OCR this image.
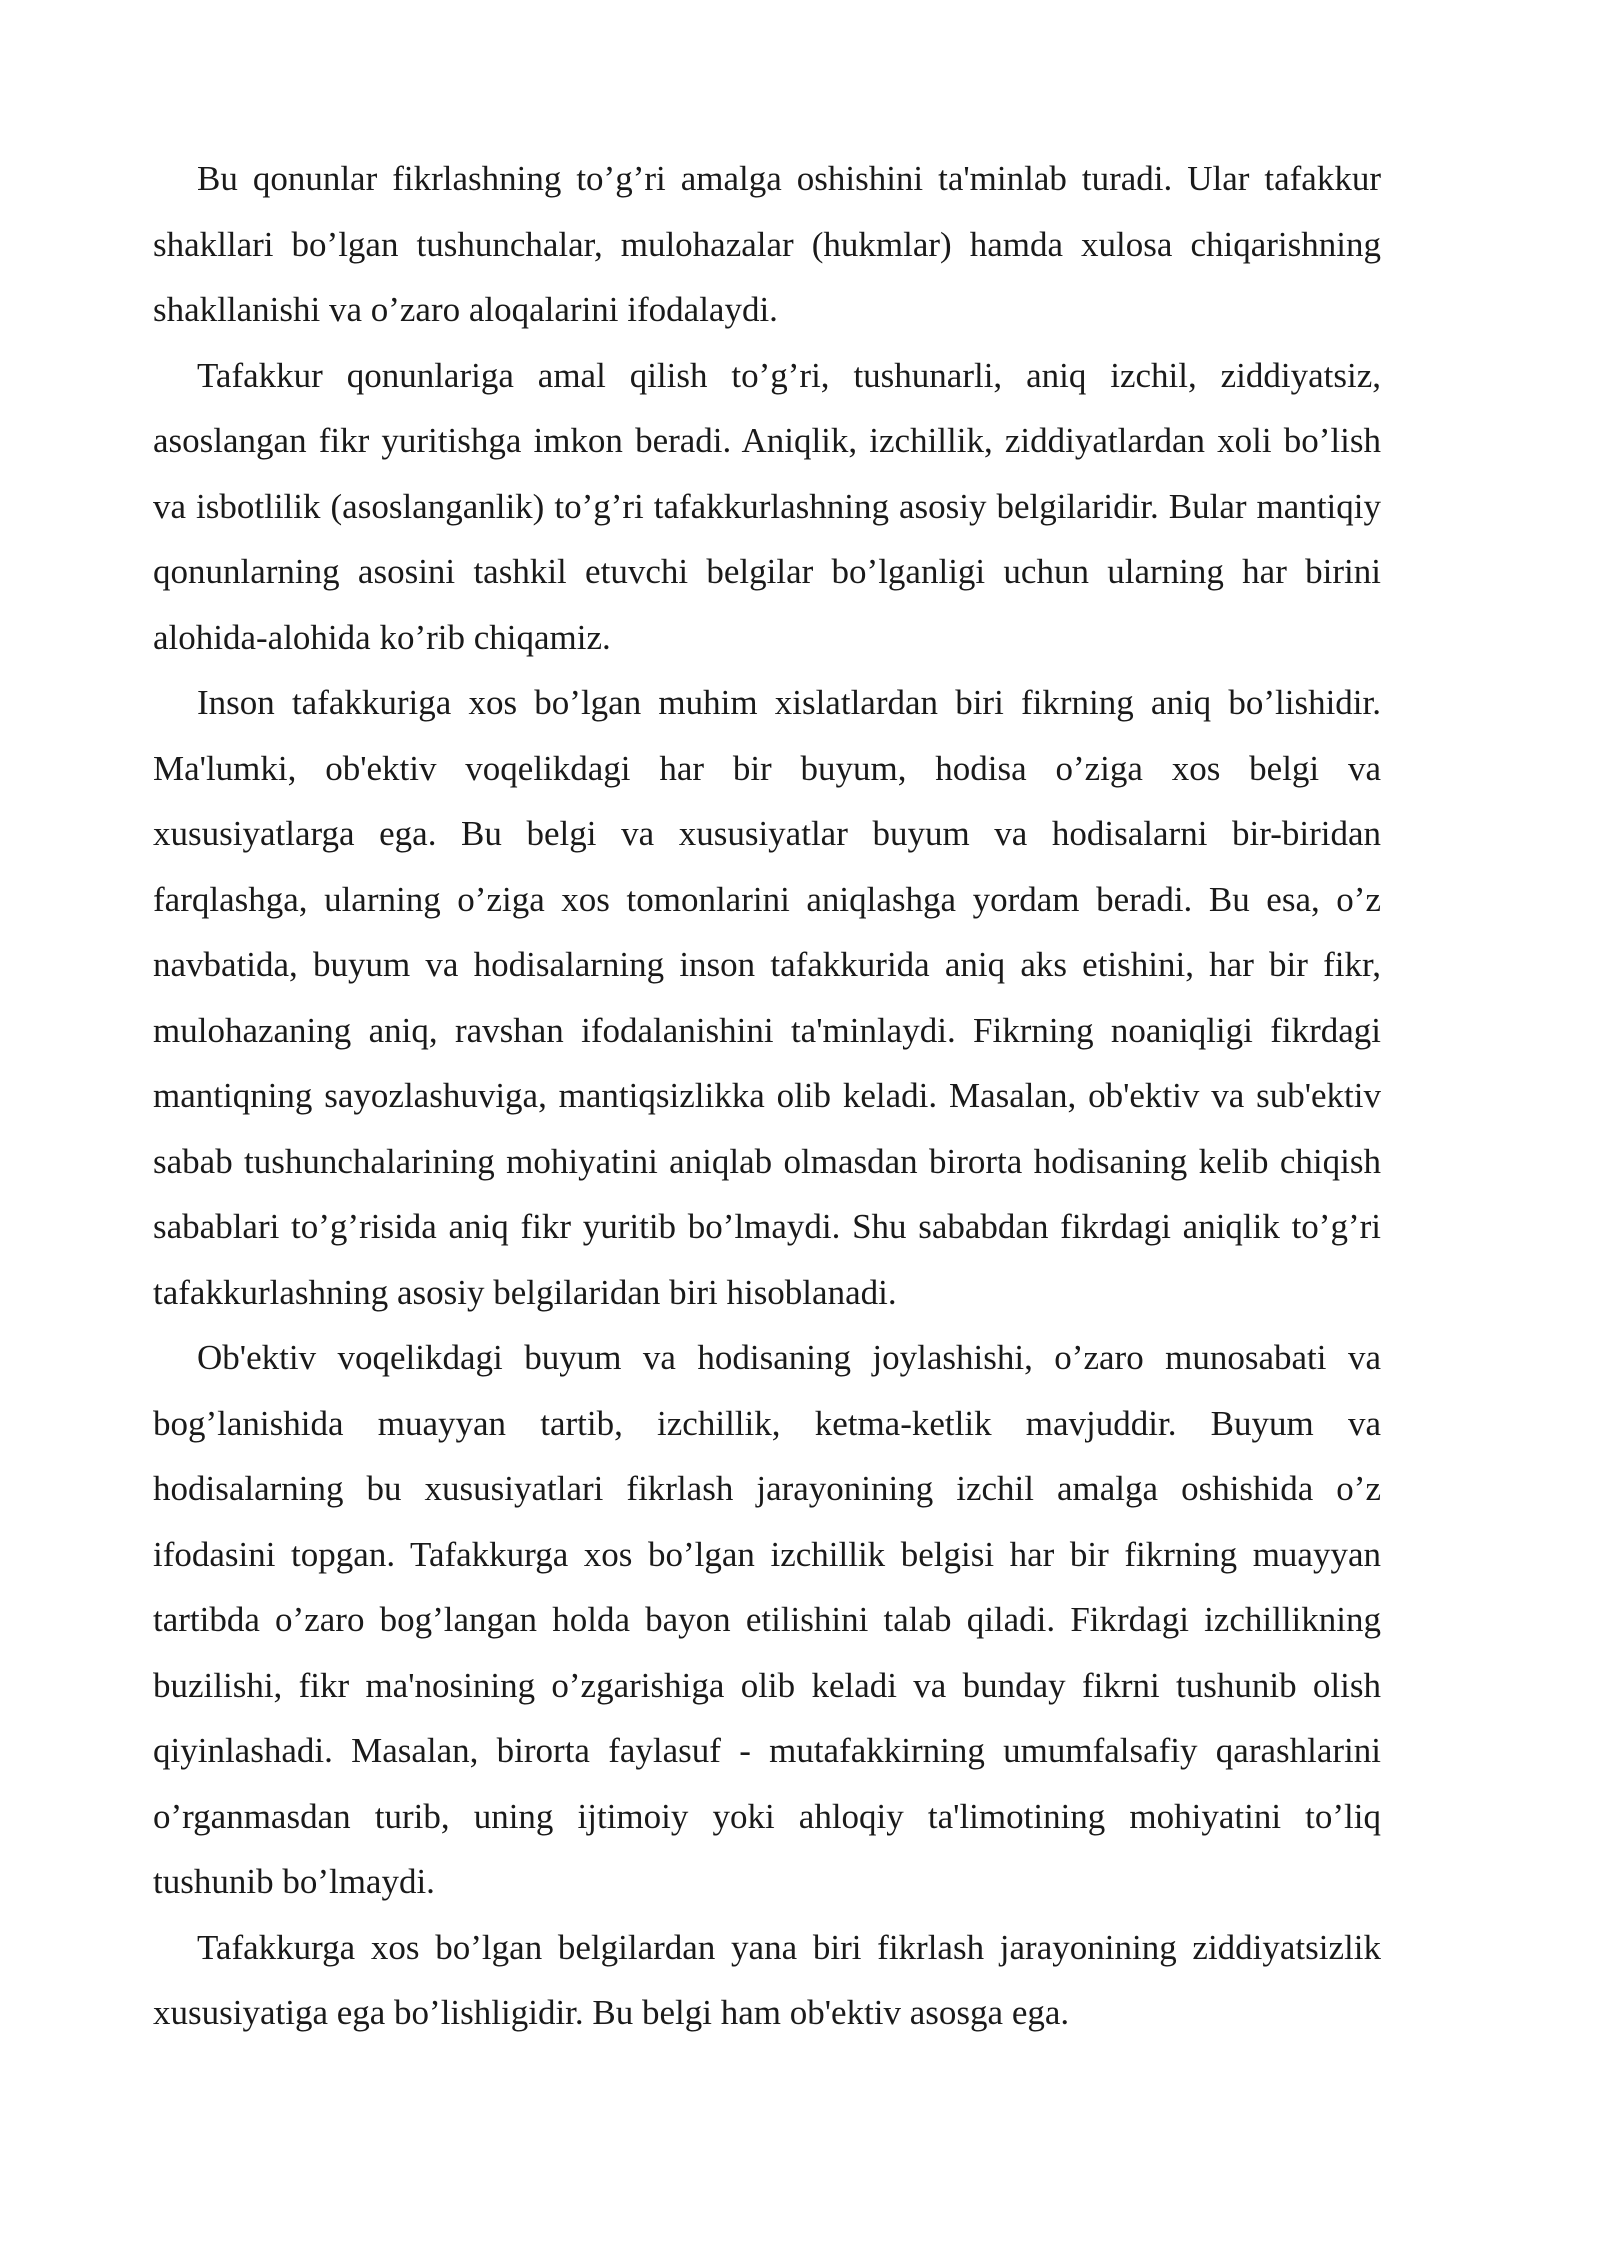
Bu qonunlar fikrlashning to’g’ri amalga oshishini ta'minlab turadi. Ular tafakkur shakllari bo’lgan tushunchalar, mulohazalar (hukmlar) hamda xulosa chiqarishning shakllanishi va o’zaro aloqalarini ifodalaydi.

Tafakkur qonunlariga amal qilish to’g’ri, tushunarli, aniq izchil, ziddiyatsiz, asoslangan fikr yuritishga imkon beradi. Aniqlik, izchillik, ziddiyatlardan xoli bo’lish va isbotlilik (asoslanganlik) to’g’ri tafakkurlashning asosiy belgilaridir. Bular mantiqiy qonunlarning asosini tashkil etuvchi belgilar bo’lganligi uchun ularning har birini alohida-alohida ko’rib chiqamiz.

Inson tafakkuriga xos bo’lgan muhim xislatlardan biri fikrning aniq bo’lishidir. Ma'lumki, ob'ektiv voqelikdagi har bir buyum, hodisa o’ziga xos belgi va xususiyatlarga ega. Bu belgi va xususiyatlar buyum va hodisalarni bir-biridan farqlashga, ularning o’ziga xos tomonlarini aniqlashga yordam beradi. Bu esa, o’z navbatida, buyum va hodisalarning inson tafakkurida aniq aks etishini, har bir fikr, mulohazaning aniq, ravshan ifodalanishini ta'minlaydi. Fikrning noaniqligi fikrdagi mantiqning sayozlashuviga, mantiqsizlikka olib keladi. Masalan, ob'ektiv va sub'ektiv sabab tushunchalarining mohiyatini aniqlab olmasdan birorta hodisaning kelib chiqish sabablari to’g’risida aniq fikr yuritib bo’lmaydi. Shu sababdan fikrdagi aniqlik to’g’ri tafakkurlashning asosiy belgilaridan biri hisoblanadi.

Ob'ektiv voqelikdagi buyum va hodisaning joylashishi, o’zaro munosabati va bog’lanishida muayyan tartib, izchillik, ketma-ketlik mavjuddir. Buyum va hodisalarning bu xususiyatlari fikrlash jarayonining izchil amalga oshishida o’z ifodasini topgan. Tafakkurga xos bo’lgan izchillik belgisi har bir fikrning muayyan tartibda o’zaro bog’langan holda bayon etilishini talab qiladi. Fikrdagi izchillikning buzilishi, fikr ma'nosining o’zgarishiga olib keladi va bunday fikrni tushunib olish qiyinlashadi. Masalan, birorta faylasuf - mutafakkirning umumfalsafiy qarashlarini o’rganmasdan turib, uning ijtimoiy yoki ahloqiy ta'limotining mohiyatini to’liq tushunib bo’lmaydi.

Tafakkurga xos bo’lgan belgilardan yana biri fikrlash jarayonining ziddiyatsizlik xususiyatiga ega bo’lishligidir. Bu belgi ham ob'ektiv asosga ega.
